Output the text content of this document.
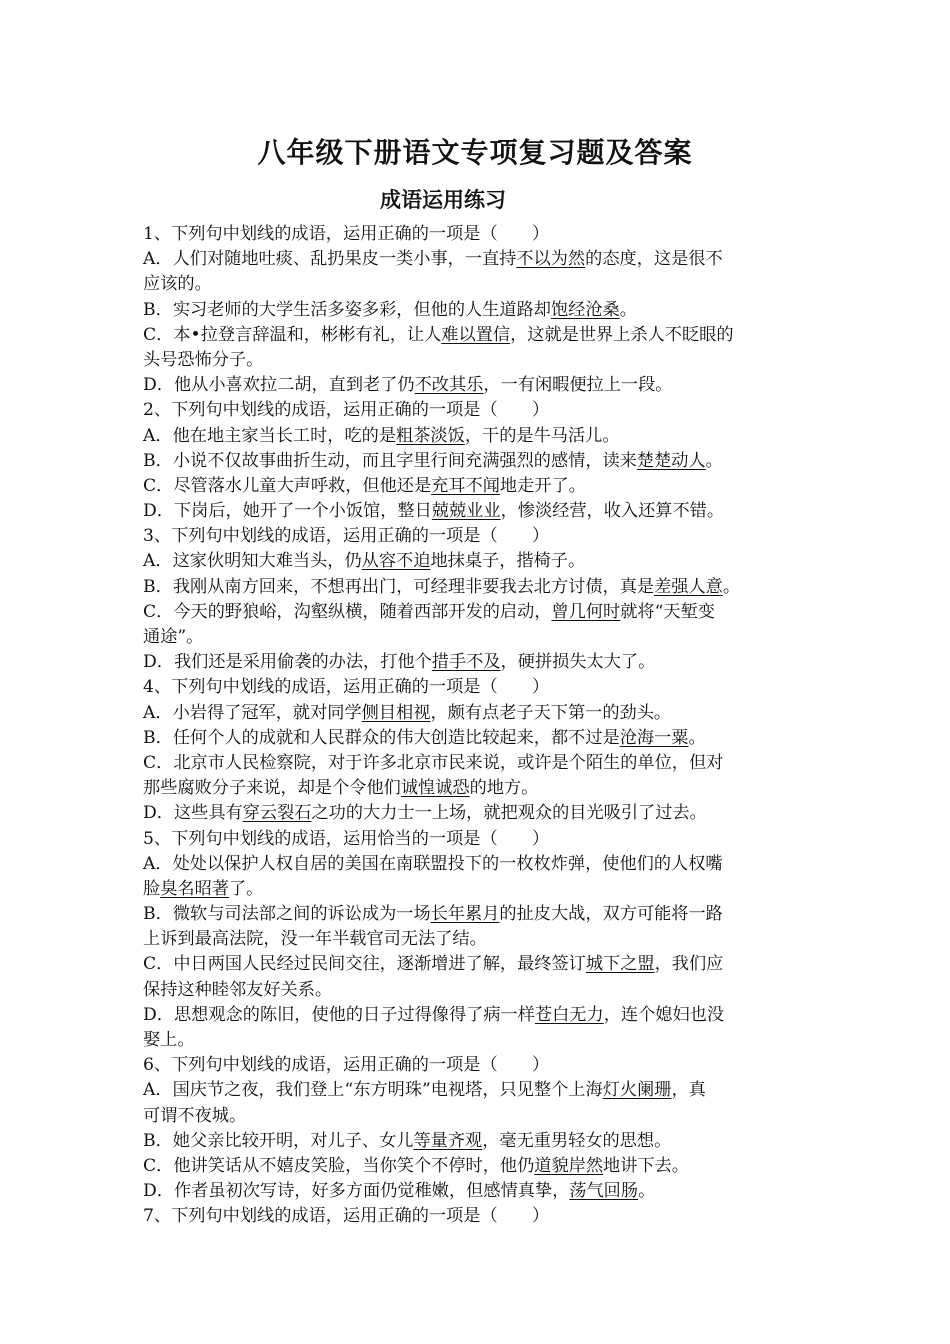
八年级下册语文专项复习题及答案
成语运用练习
1、下列句中划线的成语，运用正确的一项是（　　）
A．人们对随地吐痰、乱扔果皮一类小事，一直持不以为然的态度，这是很不
应该的。
B．实习老师的大学生活多姿多彩，但他的人生道路却饱经沧桑。
C．本•拉登言辞温和，彬彬有礼，让人难以置信，这就是世界上杀人不眨眼的
头号恐怖分子。
D．他从小喜欢拉二胡，直到老了仍不改其乐，一有闲暇便拉上一段。
2、下列句中划线的成语，运用正确的一项是（　　）
A．他在地主家当长工时，吃的是粗茶淡饭，干的是牛马活儿。
B．小说不仅故事曲折生动，而且字里行间充满强烈的感情，读来楚楚动人。
C．尽管落水儿童大声呼救，但他还是充耳不闻地走开了。
D．下岗后，她开了一个小饭馆，整日兢兢业业，惨淡经营，收入还算不错。
3、下列句中划线的成语，运用正确的一项是（　　）
A．这家伙明知大难当头，仍从容不迫地抹桌子，揩椅子。
B．我刚从南方回来，不想再出门，可经理非要我去北方讨债，真是差强人意。
C．今天的野狼峪，沟壑纵横，随着西部开发的启动，曾几何时就将“天堑变
通途”。
D．我们还是采用偷袭的办法，打他个措手不及，硬拼损失太大了。
4、下列句中划线的成语，运用正确的一项是（　　）
A．小岩得了冠军，就对同学侧目相视，颇有点老子天下第一的劲头。
B．任何个人的成就和人民群众的伟大创造比较起来，都不过是沧海一粟。
C．北京市人民检察院，对于许多北京市民来说，或许是个陌生的单位，但对
那些腐败分子来说，却是个令他们诚惶诚恐的地方。
D．这些具有穿云裂石之功的大力士一上场，就把观众的目光吸引了过去。
5、下列句中划线的成语，运用恰当的一项是（　　）
A．处处以保护人权自居的美国在南联盟投下的一枚枚炸弹，使他们的人权嘴
脸臭名昭著了。
B．微软与司法部之间的诉讼成为一场长年累月的扯皮大战，双方可能将一路
上诉到最高法院，没一年半载官司无法了结。
C．中日两国人民经过民间交往，逐渐增进了解，最终签订城下之盟，我们应
保持这种睦邻友好关系。
D．思想观念的陈旧，使他的日子过得像得了病一样苍白无力，连个媳妇也没
娶上。
6、下列句中划线的成语，运用正确的一项是（　　）
A．国庆节之夜，我们登上“东方明珠”电视塔，只见整个上海灯火阑珊，真
可谓不夜城。
B．她父亲比较开明，对儿子、女儿等量齐观，毫无重男轻女的思想。
C．他讲笑话从不嬉皮笑脸，当你笑个不停时，他仍道貌岸然地讲下去。
D．作者虽初次写诗，好多方面仍觉稚嫩，但感情真挚，荡气回肠。
7、下列句中划线的成语，运用正确的一项是（　　）
